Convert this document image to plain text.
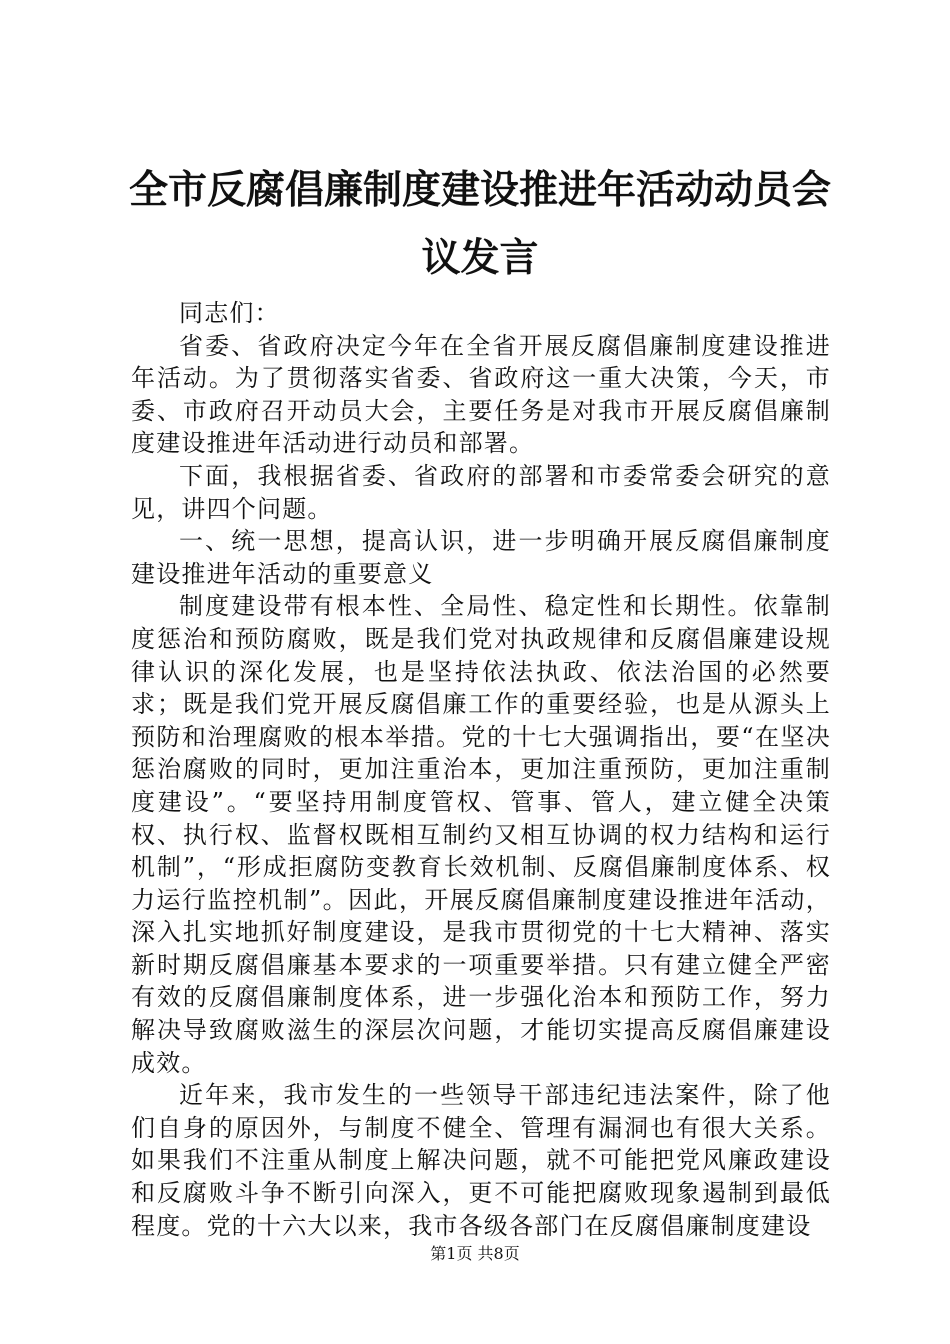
全市反腐倡廉制度建设推进年活动动员会议发言

同志们：

省委、省政府决定今年在全省开展反腐倡廉制度建设推进年活动。为了贯彻落实省委、省政府这一重大决策，今天，市委、市政府召开动员大会，主要任务是对我市开展反腐倡廉制度建设推进年活动进行动员和部署。

下面，我根据省委、省政府的部署和市委常委会研究的意见，讲四个问题。

一、统一思想，提高认识，进一步明确开展反腐倡廉制度建设推进年活动的重要意义

制度建设带有根本性、全局性、稳定性和长期性。依靠制度惩治和预防腐败，既是我们党对执政规律和反腐倡廉建设规律认识的深化发展，也是坚持依法执政、依法治国的必然要求；既是我们党开展反腐倡廉工作的重要经验，也是从源头上预防和治理腐败的根本举措。党的十七大强调指出，要“在坚决惩治腐败的同时，更加注重治本，更加注重预防，更加注重制度建设”。“要坚持用制度管权、管事、管人，建立健全决策权、执行权、监督权既相互制约又相互协调的权力结构和运行机制”，“形成拒腐防变教育长效机制、反腐倡廉制度体系、权力运行监控机制”。因此，开展反腐倡廉制度建设推进年活动，深入扎实地抓好制度建设，是我市贯彻党的十七大精神、落实新时期反腐倡廉基本要求的一项重要举措。只有建立健全严密有效的反腐倡廉制度体系，进一步强化治本和预防工作，努力解决导致腐败滋生的深层次问题，才能切实提高反腐倡廉建设成效。

近年来，我市发生的一些领导干部违纪违法案件，除了他们自身的原因外，与制度不健全、管理有漏洞也有很大关系。如果我们不注重从制度上解决问题，就不可能把党风廉政建设和反腐败斗争不断引向深入，更不可能把腐败现象遏制到最低程度。党的十六大以来，我市各级各部门在反腐倡廉制度建设

第1页 共8页
